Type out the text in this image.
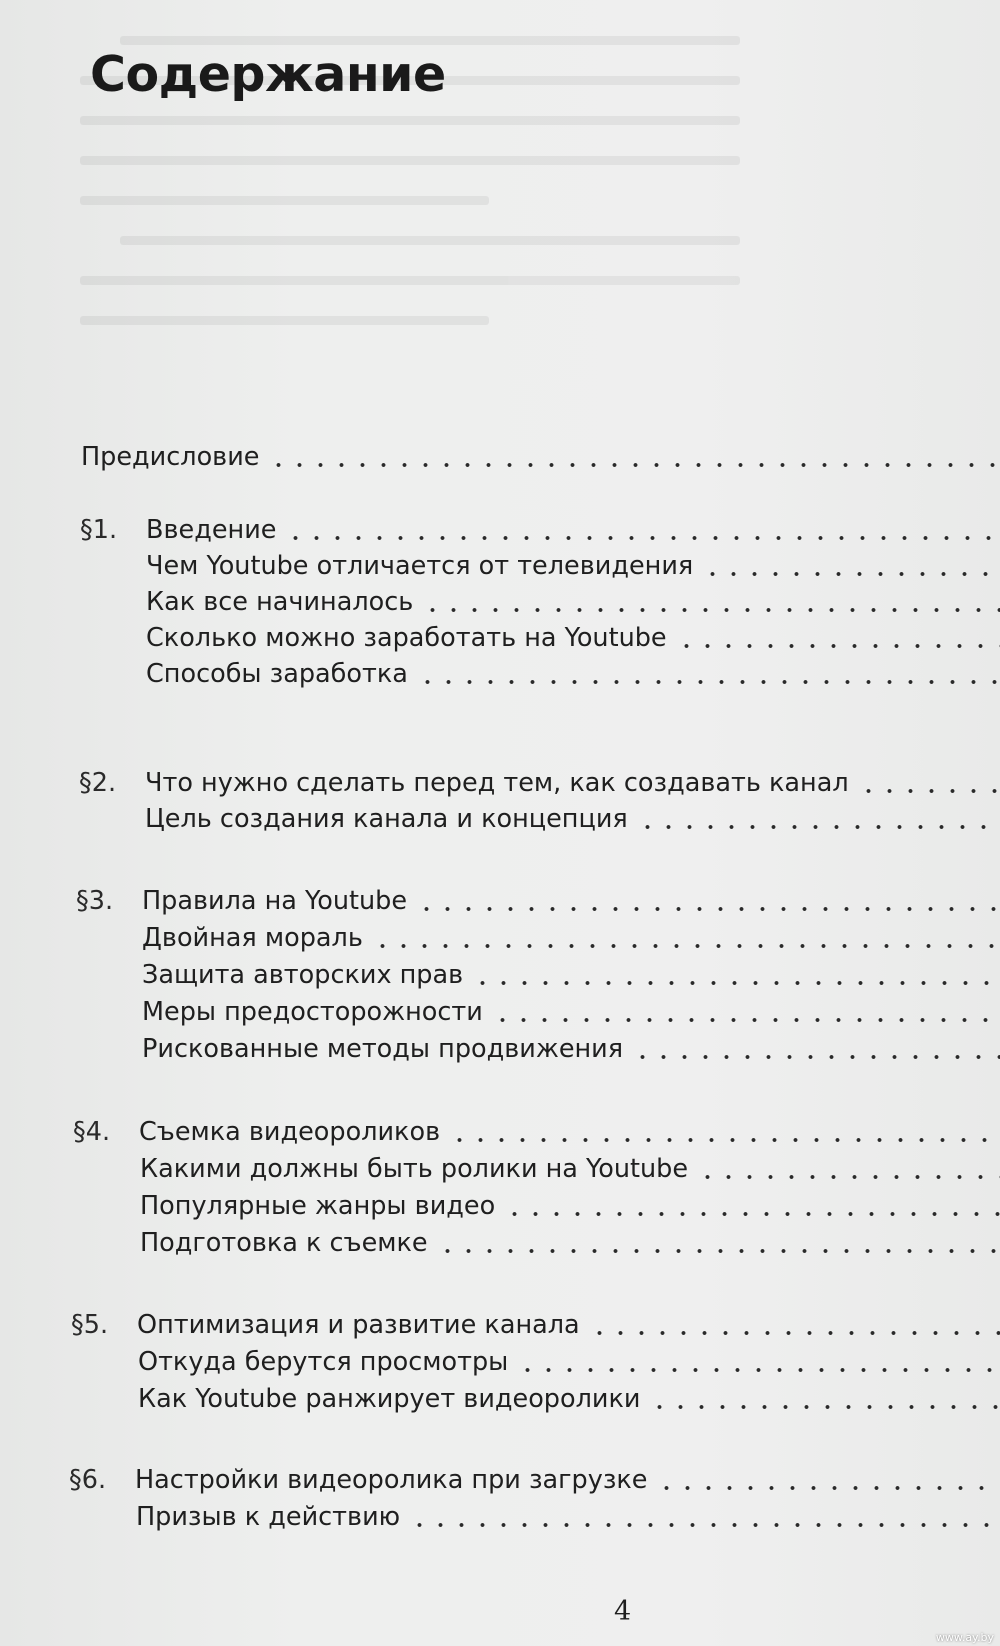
Содержание
Предисловие
§1.	Введение
Чем Youtube отличается от телевидения
Как все начиналось
Сколько можно заработать на Youtube
Способы заработка
§2.	Что нужно сделать перед тем, как создавать канал
Цель создания канала и концепция
§3.	Правила на Youtube
Двойная мораль
Защита авторских прав
Меры предосторожности
Рискованные методы продвижения
§4.	Съемка видеороликов
Какими должны быть ролики на Youtube
Популярные жанры видео
Подготовка к съемке
§5.	Оптимизация и развитие канала
Откуда берутся просмотры
Как Youtube ранжирует видеоролики
§6.	Настройки видеоролика при загрузке
Призыв к действию
4
www.ay.by
